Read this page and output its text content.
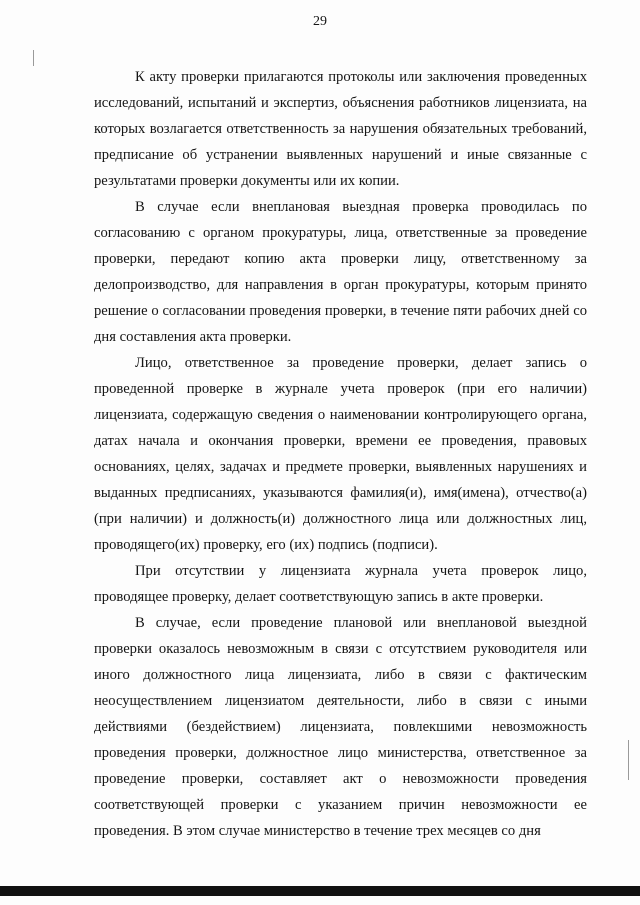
29

К акту проверки прилагаются протоколы или заключения проведенных исследований, испытаний и экспертиз, объяснения работников лицензиата, на которых возлагается ответственность за нарушения обязательных требований, предписание об устранении выявленных нарушений и иные связанные с результатами проверки документы или их копии.

В случае если внеплановая выездная проверка проводилась по согласованию с органом прокуратуры, лица, ответственные за проведение проверки, передают копию акта проверки лицу, ответственному за делопроизводство, для направления в орган прокуратуры, которым принято решение о согласовании проведения проверки, в течение пяти рабочих дней со дня составления акта проверки.

Лицо, ответственное за проведение проверки, делает запись о проведенной проверке в журнале учета проверок (при его наличии) лицензиата, содержащую сведения о наименовании контролирующего органа, датах начала и окончания проверки, времени ее проведения, правовых основаниях, целях, задачах и предмете проверки, выявленных нарушениях и выданных предписаниях, указываются фамилия(и), имя(имена), отчество(а) (при наличии) и должность(и) должностного лица или должностных лиц, проводящего(их) проверку, его (их) подпись (подписи).

При отсутствии у лицензиата журнала учета проверок лицо, проводящее проверку, делает соответствующую запись в акте проверки.

В случае, если проведение плановой или внеплановой выездной проверки оказалось невозможным в связи с отсутствием руководителя или иного должностного лица лицензиата, либо в связи с фактическим неосуществлением лицензиатом деятельности, либо в связи с иными действиями (бездействием) лицензиата, повлекшими невозможность проведения проверки, должностное лицо министерства, ответственное за проведение проверки, составляет акт о невозможности проведения соответствующей проверки с указанием причин невозможности ее проведения. В этом случае министерство в течение трех месяцев со дня
